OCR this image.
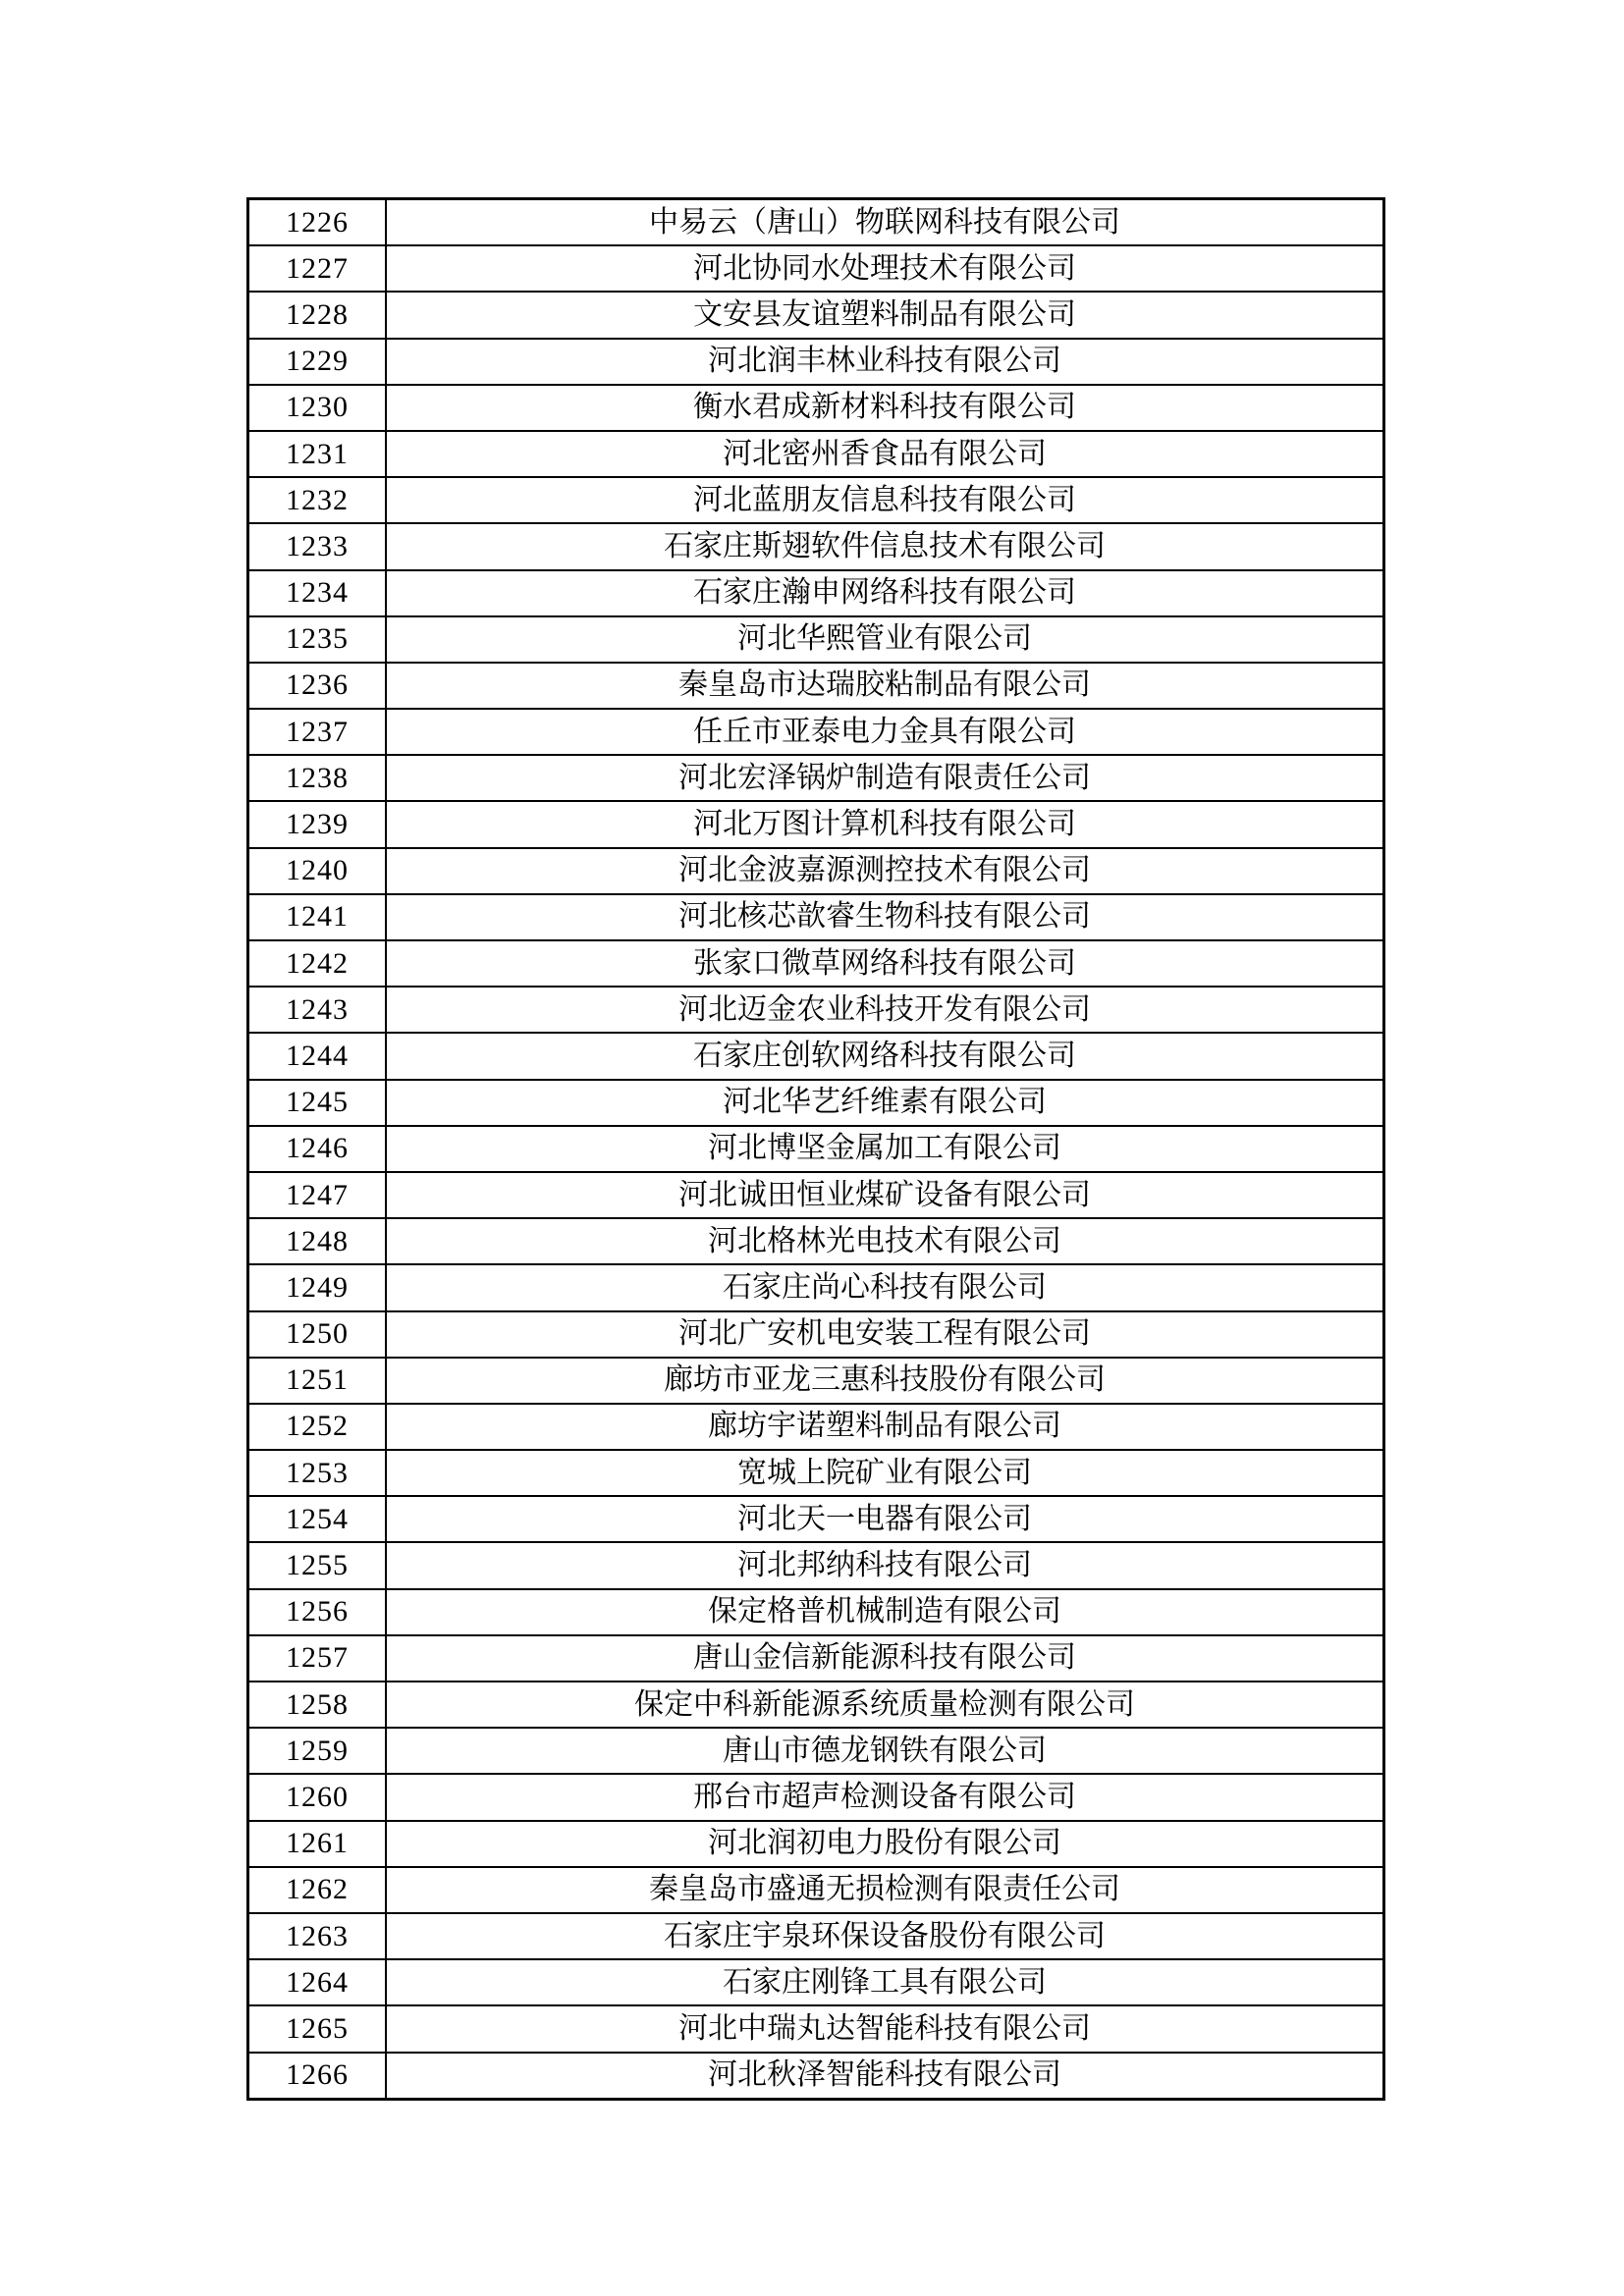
1226	中易云（唐山）物联网科技有限公司
1227	河北协同水处理技术有限公司
1228	文安县友谊塑料制品有限公司
1229	河北润丰林业科技有限公司
1230	衡水君成新材料科技有限公司
1231	河北密州香食品有限公司
1232	河北蓝朋友信息科技有限公司
1233	石家庄斯翅软件信息技术有限公司
1234	石家庄瀚申网络科技有限公司
1235	河北华熙管业有限公司
1236	秦皇岛市达瑞胶粘制品有限公司
1237	任丘市亚泰电力金具有限公司
1238	河北宏泽锅炉制造有限责任公司
1239	河北万图计算机科技有限公司
1240	河北金波嘉源测控技术有限公司
1241	河北核芯歆睿生物科技有限公司
1242	张家口微草网络科技有限公司
1243	河北迈金农业科技开发有限公司
1244	石家庄创软网络科技有限公司
1245	河北华艺纤维素有限公司
1246	河北博坚金属加工有限公司
1247	河北诚田恒业煤矿设备有限公司
1248	河北格林光电技术有限公司
1249	石家庄尚心科技有限公司
1250	河北广安机电安装工程有限公司
1251	廊坊市亚龙三惠科技股份有限公司
1252	廊坊宇诺塑料制品有限公司
1253	宽城上院矿业有限公司
1254	河北天一电器有限公司
1255	河北邦纳科技有限公司
1256	保定格普机械制造有限公司
1257	唐山金信新能源科技有限公司
1258	保定中科新能源系统质量检测有限公司
1259	唐山市德龙钢铁有限公司
1260	邢台市超声检测设备有限公司
1261	河北润初电力股份有限公司
1262	秦皇岛市盛通无损检测有限责任公司
1263	石家庄宇泉环保设备股份有限公司
1264	石家庄刚锋工具有限公司
1265	河北中瑞丸达智能科技有限公司
1266	河北秋泽智能科技有限公司
